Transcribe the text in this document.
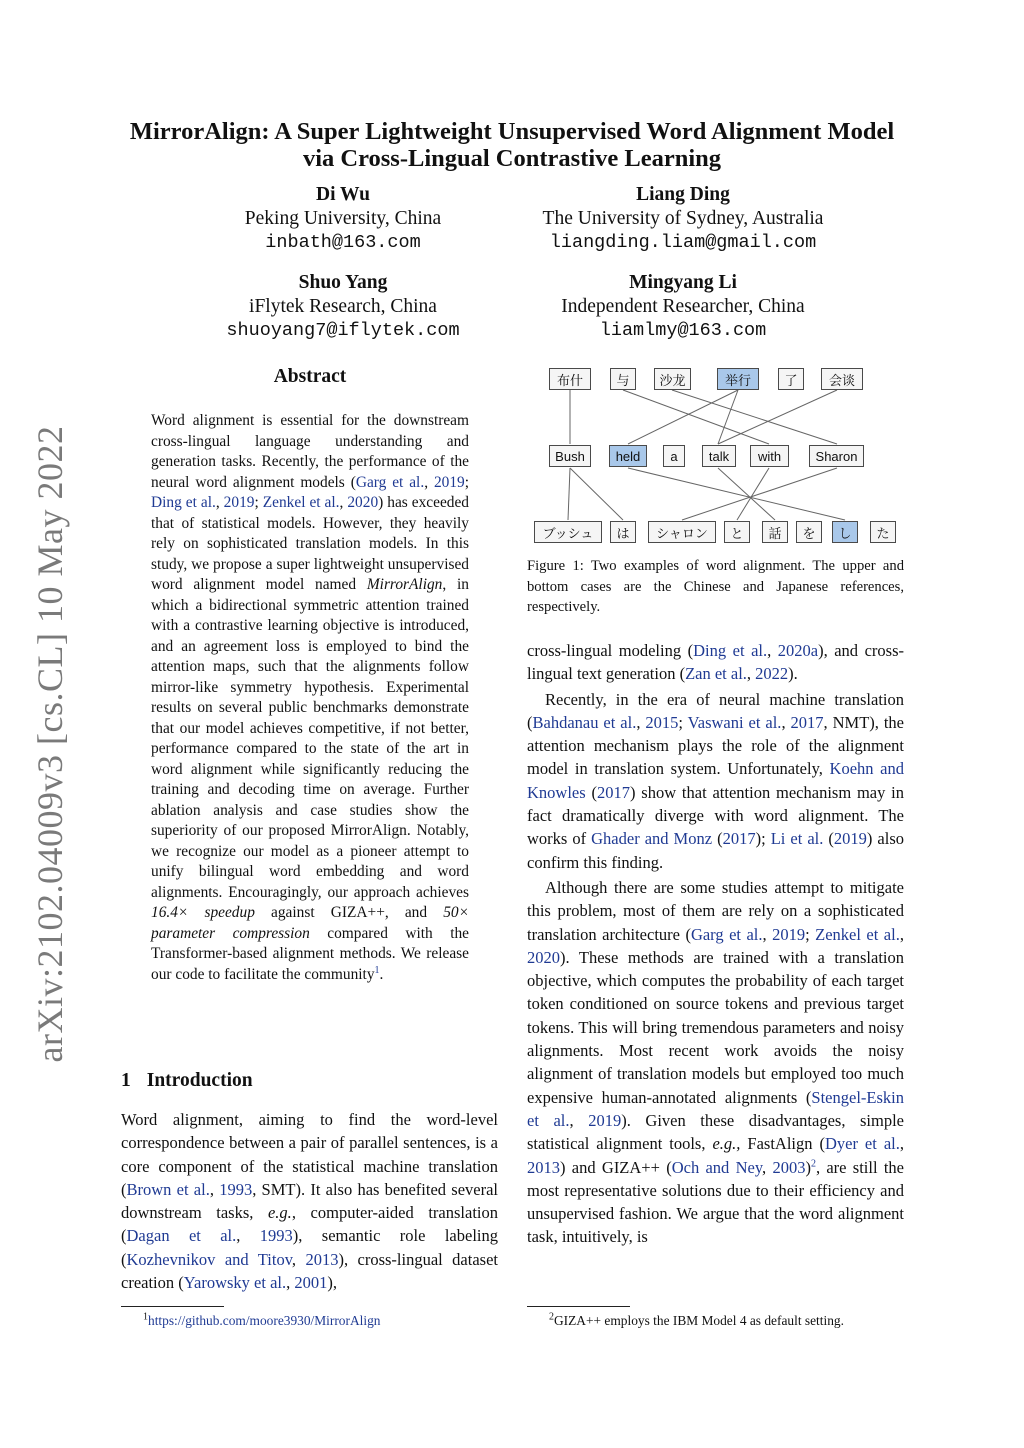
MirrorAlign: A Super Lightweight Unsupervised Word Alignment Model
via Cross-Lingual Contrastive Learning
Di Wu
Peking University, China
inbath@163.com
Liang Ding
The University of Sydney, Australia
liangding.liam@gmail.com
Shuo Yang
iFlytek Research, China
shuoyang7@iflytek.com
Mingyang Li
Independent Researcher, China
liamlmy@163.com
arXiv:2102.04009v3 [cs.CL] 10 May 2022
Abstract
Word alignment is essential for the downstream cross-lingual language understanding and generation tasks. Recently, the performance of the neural word alignment models (Garg et al., 2019; Ding et al., 2019; Zenkel et al., 2020) has exceeded that of statistical models. However, they heavily rely on sophisticated translation models. In this study, we propose a super lightweight unsupervised word alignment model named MirrorAlign, in which a bidirectional symmetric attention trained with a contrastive learning objective is introduced, and an agreement loss is employed to bind the attention maps, such that the alignments follow mirror-like symmetry hypothesis. Experimental results on several public benchmarks demonstrate that our model achieves competitive, if not better, performance compared to the state of the art in word alignment while significantly reducing the training and decoding time on average. Further ablation analysis and case studies show the superiority of our proposed MirrorAlign. Notably, we recognize our model as a pioneer attempt to unify bilingual word embedding and word alignments. Encouragingly, our approach achieves 16.4× speedup against GIZA++, and 50× parameter compression compared with the Transformer-based alignment methods. We release our code to facilitate the community$^1$.
1 Introduction
Word alignment, aiming to find the word-level correspondence between a pair of parallel sentences, is a core component of the statistical machine translation (Brown et al., 1993, SMT). It also has benefited several downstream tasks, e.g., computer-aided translation (Dagan et al., 1993), semantic role labeling (Kozhevnikov and Titov, 2013), cross-lingual dataset creation (Yarowsky et al., 2001),
$^1$https://github.com/moore3930/MirrorAlign
布什	与	沙龙	举行	了	会谈
Bush	held	a	talk	with	Sharon
ブッシュ	は	シャロン	と	話	を	し	た
Figure 1: Two examples of word alignment. The upper and bottom cases are the Chinese and Japanese references, respectively.

cross-lingual modeling (Ding et al., 2020a), and cross-lingual text generation (Zan et al., 2022).

Recently, in the era of neural machine translation (Bahdanau et al., 2015; Vaswani et al., 2017, NMT), the attention mechanism plays the role of the alignment model in translation system. Unfortunately, Koehn and Knowles (2017) show that attention mechanism may in fact dramatically diverge with word alignment. The works of Ghader and Monz (2017); Li et al. (2019) also confirm this finding.

Although there are some studies attempt to mitigate this problem, most of them are rely on a sophisticated translation architecture (Garg et al., 2019; Zenkel et al., 2020). These methods are trained with a translation objective, which computes the probability of each target token conditioned on source tokens and previous target tokens. This will bring tremendous parameters and noisy alignments. Most recent work avoids the noisy alignment of translation models but employed too much expensive human-annotated alignments (Stengel-Eskin et al., 2019). Given these disadvantages, simple statistical alignment tools, e.g., FastAlign (Dyer et al., 2013) and GIZA++ (Och and Ney, 2003)$^2$, are still the most representative solutions due to their efficiency and unsupervised fashion. We argue that the word alignment task, intuitively, is

$^2$GIZA++ employs the IBM Model 4 as default setting.
